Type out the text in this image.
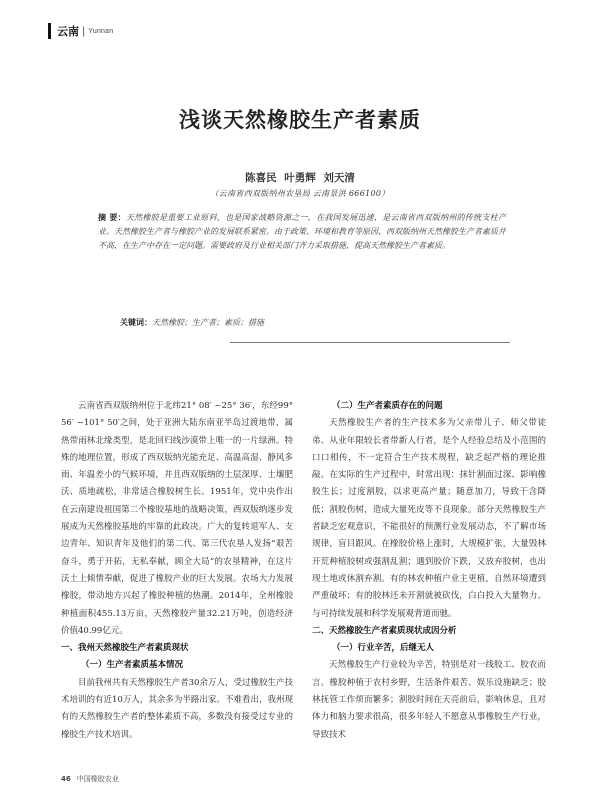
云南 | Yunnan
浅谈天然橡胶生产者素质
陈喜民 叶勇辉 刘天清
（云南省西双版纳州农垦局 云南景洪 666100）
摘 要：天然橡胶是重要工业原料，也是国家战略资源之一，在我国发展迅速，是云南省西双版纳州的传统支柱产业。天然橡胶生产者与橡胶产业的发展联系紧密。由于政策、环境和教育等原因，西双版纳州天然橡胶生产者素质并不高，在生产中存在一定问题。需要政府及行业相关部门齐力采取措施，提高天然橡胶生产者素质。
关键词：天然橡胶；生产者；素质；措施

云南省西双版纳州位于北纬21° 08′ ~25° 36′，东经99° 56′ ~101° 50′之间，处于亚洲大陆东南亚半岛过渡地带，属热带雨林北缘类型，是北回归线沙漠带上唯一的一片绿洲。特殊的地理位置，形成了西双版纳光能充足、高温高湿、静风多雨、年温差小的气候环境，并且西双版纳的土层深厚、土壤肥沃、质地疏松，非常适合橡胶树生长。1951年，党中央作出在云南建设祖国第二个橡胶基地的战略决策，西双版纳逐步发展成为天然橡胶基地的牢靠的此政决。广大的复转退军人、支边青年、知识青年及他们的第二代、第三代农垦人发扬“艰苦奋斗，勇于开拓，无私奉献，顾全大局”的农垦精神，在这片沃土上倾情奉献，促进了橡胶产业的巨大发展。农场大力发展橡胶，带动地方兴起了橡胶种植的热潮。2014年，全州橡胶种植面积455.13万亩，天然橡胶产量32.21万吨，创造经济价值40.99亿元。

一、我州天然橡胶生产者素质现状
（一）生产者素质基本情况

目前我州共有天然橡胶生产者30余万人，受过橡胶生产技术培训的有近10万人，其余多为半路出家。不难看出，我州现有的天然橡胶生产者的整体素质不高，多数没有接受过专业的橡胶生产技术培训。

（二）生产者素质存在的问题

天然橡胶生产者的生产技术多为父亲带儿子、师父带徒弟、从业年限较长者带新人行者，是个人经验总结及小范围的口口相传，不一定符合生产技术规程，缺乏起严格的理论推敲。在实际的生产过程中，时常出现：抹针割面过深、影响橡胶生长；过度割胶，以求更高产量；随意加刀，导致干含降低；割胶伤树，造成大量死皮等不良现象。部分天然橡胶生产者缺乏宏观意识，不能很好的预测行业发展动态，不了解市场规律，盲目跟风。在橡胶价格上涨时，大规模扩张，大量毁林开荒种植胶树或强割乱割；遇到胶价下跌，又放弃胶树，也出现土地或休割弃割。有的林农种植户业主更植，自然环境遭到严重破坏；有的胶林还未开割就被砍伐，白白投入大量物力。与可持续发展和科学发展观背道而驰。

二、天然橡胶生产者素质现状成因分析
（一）行业辛苦，后继无人

天然橡胶生产行业较为辛苦，特别是对一线胶工、胶农而言。橡胶种植于农村乡野，生活条件艰苦、娱乐设施缺乏；胶林抚管工作烦而繁多；割胶时间在天亮前后，影响休息，且对体力和脑力要求很高，很多年轻人不愿意从事橡胶生产行业，导致技术

46 中国橡胶农业
